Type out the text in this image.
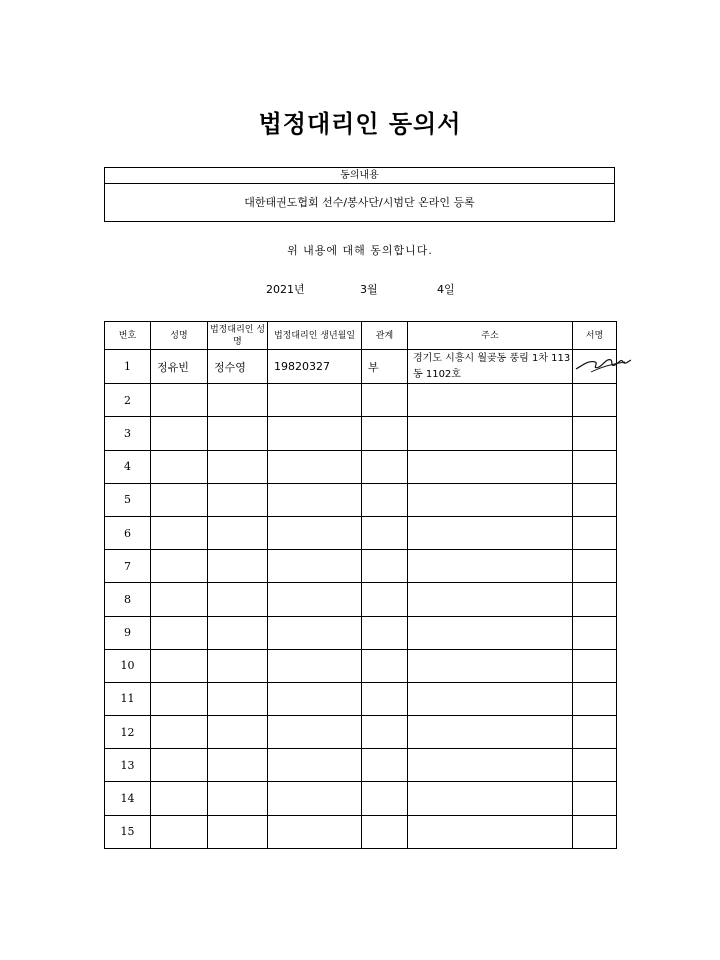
법정대리인 동의서
동의내용
대한태권도협회 선수/봉사단/시범단 온라인 등록
위 내용에 대해 동의합니다.
2021년	3월	4일
번호	성명	법정대리인 성명	법정대리인 생년월일	관계	주소	서명
1	정유빈	정수영	19820327	부	경기도 시흥시 월곶동 풍림 1차 113동 1102호	

2						
3						
4						
5						
6						
7						
8						
9						
10						
11						
12						
13						
14						
15						
